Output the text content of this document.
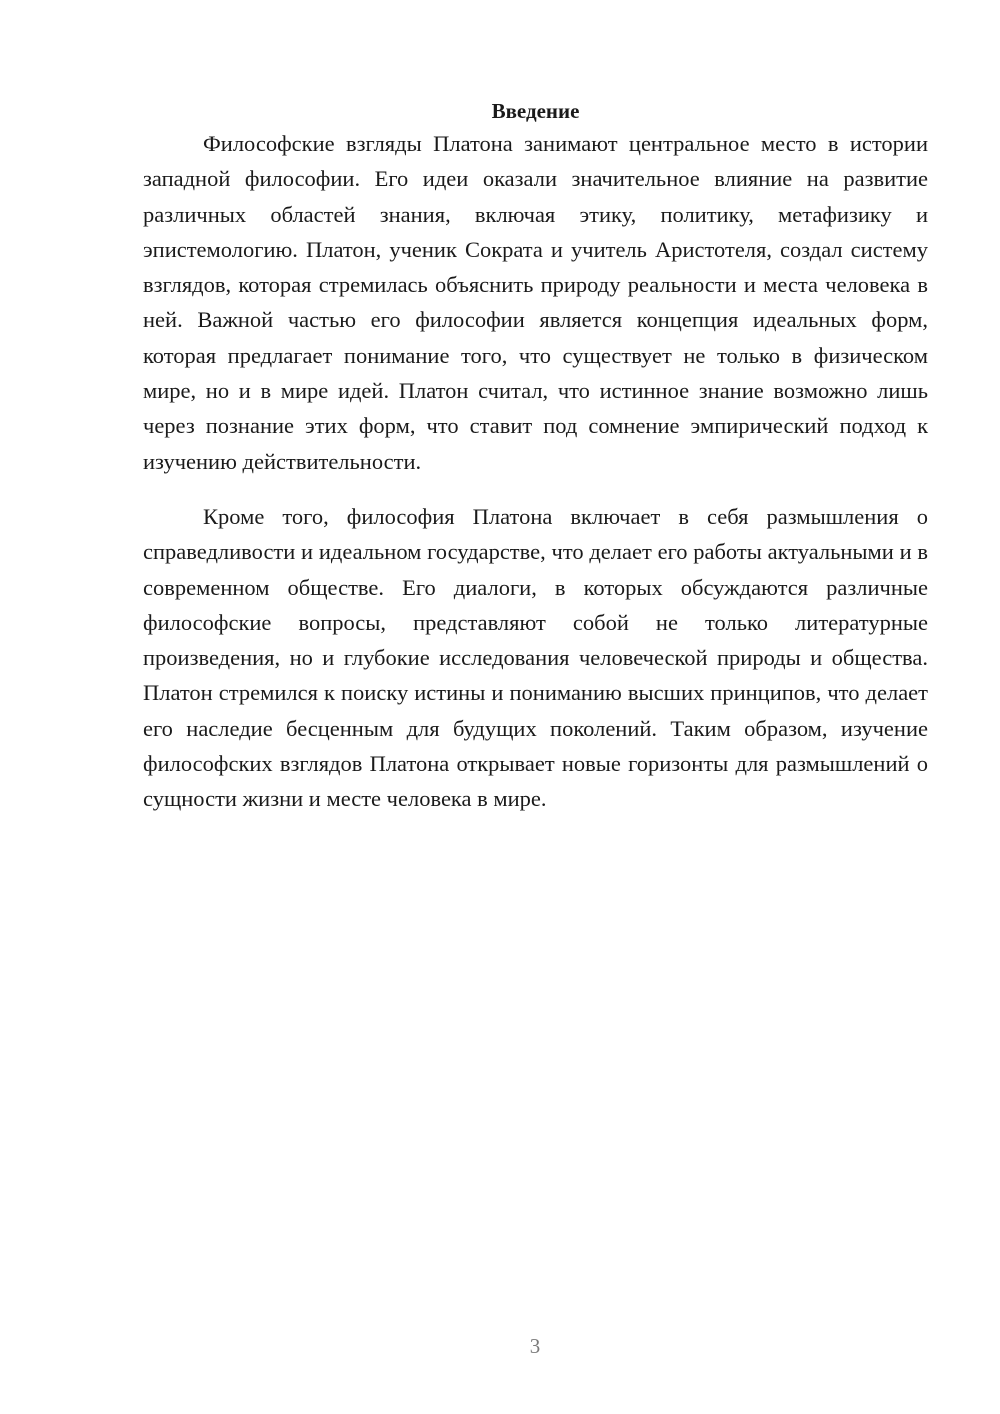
Введение

Философские взгляды Платона занимают центральное место в истории западной философии. Его идеи оказали значительное влияние на развитие различных областей знания, включая этику, политику, метафизику и эпистемологию. Платон, ученик Сократа и учитель Аристотеля, создал систему взглядов, которая стремилась объяснить природу реальности и места человека в ней. Важной частью его философии является концепция идеальных форм, которая предлагает понимание того, что существует не только в физическом мире, но и в мире идей. Платон считал, что истинное знание возможно лишь через познание этих форм, что ставит под сомнение эмпирический подход к изучению действительности.

Кроме того, философия Платона включает в себя размышления о справедливости и идеальном государстве, что делает его работы актуальными и в современном обществе. Его диалоги, в которых обсуждаются различные философские вопросы, представляют собой не только литературные произведения, но и глубокие исследования человеческой природы и общества. Платон стремился к поиску истины и пониманию высших принципов, что делает его наследие бесценным для будущих поколений. Таким образом, изучение философских взглядов Платона открывает новые горизонты для размышлений о сущности жизни и месте человека в мире.

3
